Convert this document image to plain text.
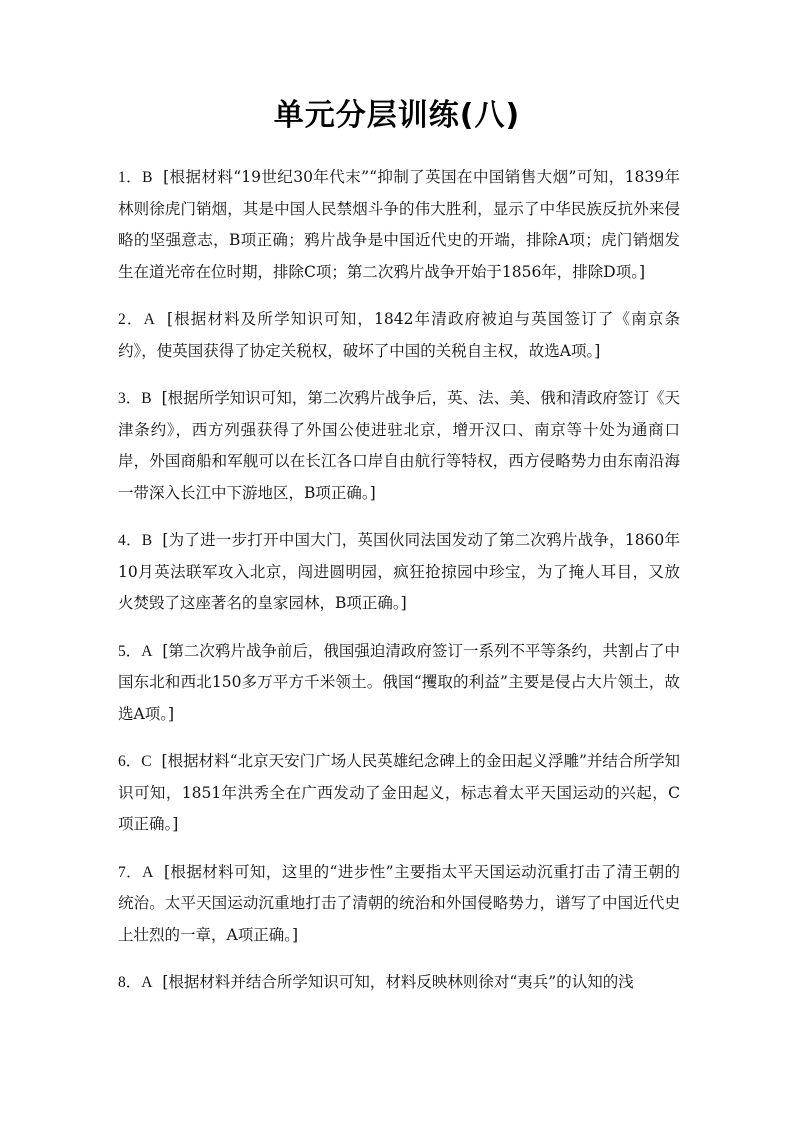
单元分层训练(八)

1．B [根据材料“19世纪30年代末”“抑制了英国在中国销售大烟”可知，1839年林则徐虎门销烟，其是中国人民禁烟斗争的伟大胜利，显示了中华民族反抗外来侵略的坚强意志，B项正确；鸦片战争是中国近代史的开端，排除A项；虎门销烟发生在道光帝在位时期，排除C项；第二次鸦片战争开始于1856年，排除D项。]

2．A [根据材料及所学知识可知，1842年清政府被迫与英国签订了《南京条约》，使英国获得了协定关税权，破坏了中国的关税自主权，故选A项。]

3．B [根据所学知识可知，第二次鸦片战争后，英、法、美、俄和清政府签订《天津条约》，西方列强获得了外国公使进驻北京，增开汉口、南京等十处为通商口岸，外国商船和军舰可以在长江各口岸自由航行等特权，西方侵略势力由东南沿海一带深入长江中下游地区，B项正确。]

4．B [为了进一步打开中国大门，英国伙同法国发动了第二次鸦片战争，1860年10月英法联军攻入北京，闯进圆明园，疯狂抢掠园中珍宝，为了掩人耳目，又放火焚毁了这座著名的皇家园林，B项正确。]

5．A [第二次鸦片战争前后，俄国强迫清政府签订一系列不平等条约，共割占了中国东北和西北150多万平方千米领土。俄国“攫取的利益”主要是侵占大片领土，故选A项。]

6．C [根据材料“北京天安门广场人民英雄纪念碑上的金田起义浮雕”并结合所学知识可知，1851年洪秀全在广西发动了金田起义，标志着太平天国运动的兴起，C项正确。]

7．A [根据材料可知，这里的“进步性”主要指太平天国运动沉重打击了清王朝的统治。太平天国运动沉重地打击了清朝的统治和外国侵略势力，谱写了中国近代史上壮烈的一章，A项正确。]

8．A [根据材料并结合所学知识可知，材料反映林则徐对“夷兵”的认知的浅
